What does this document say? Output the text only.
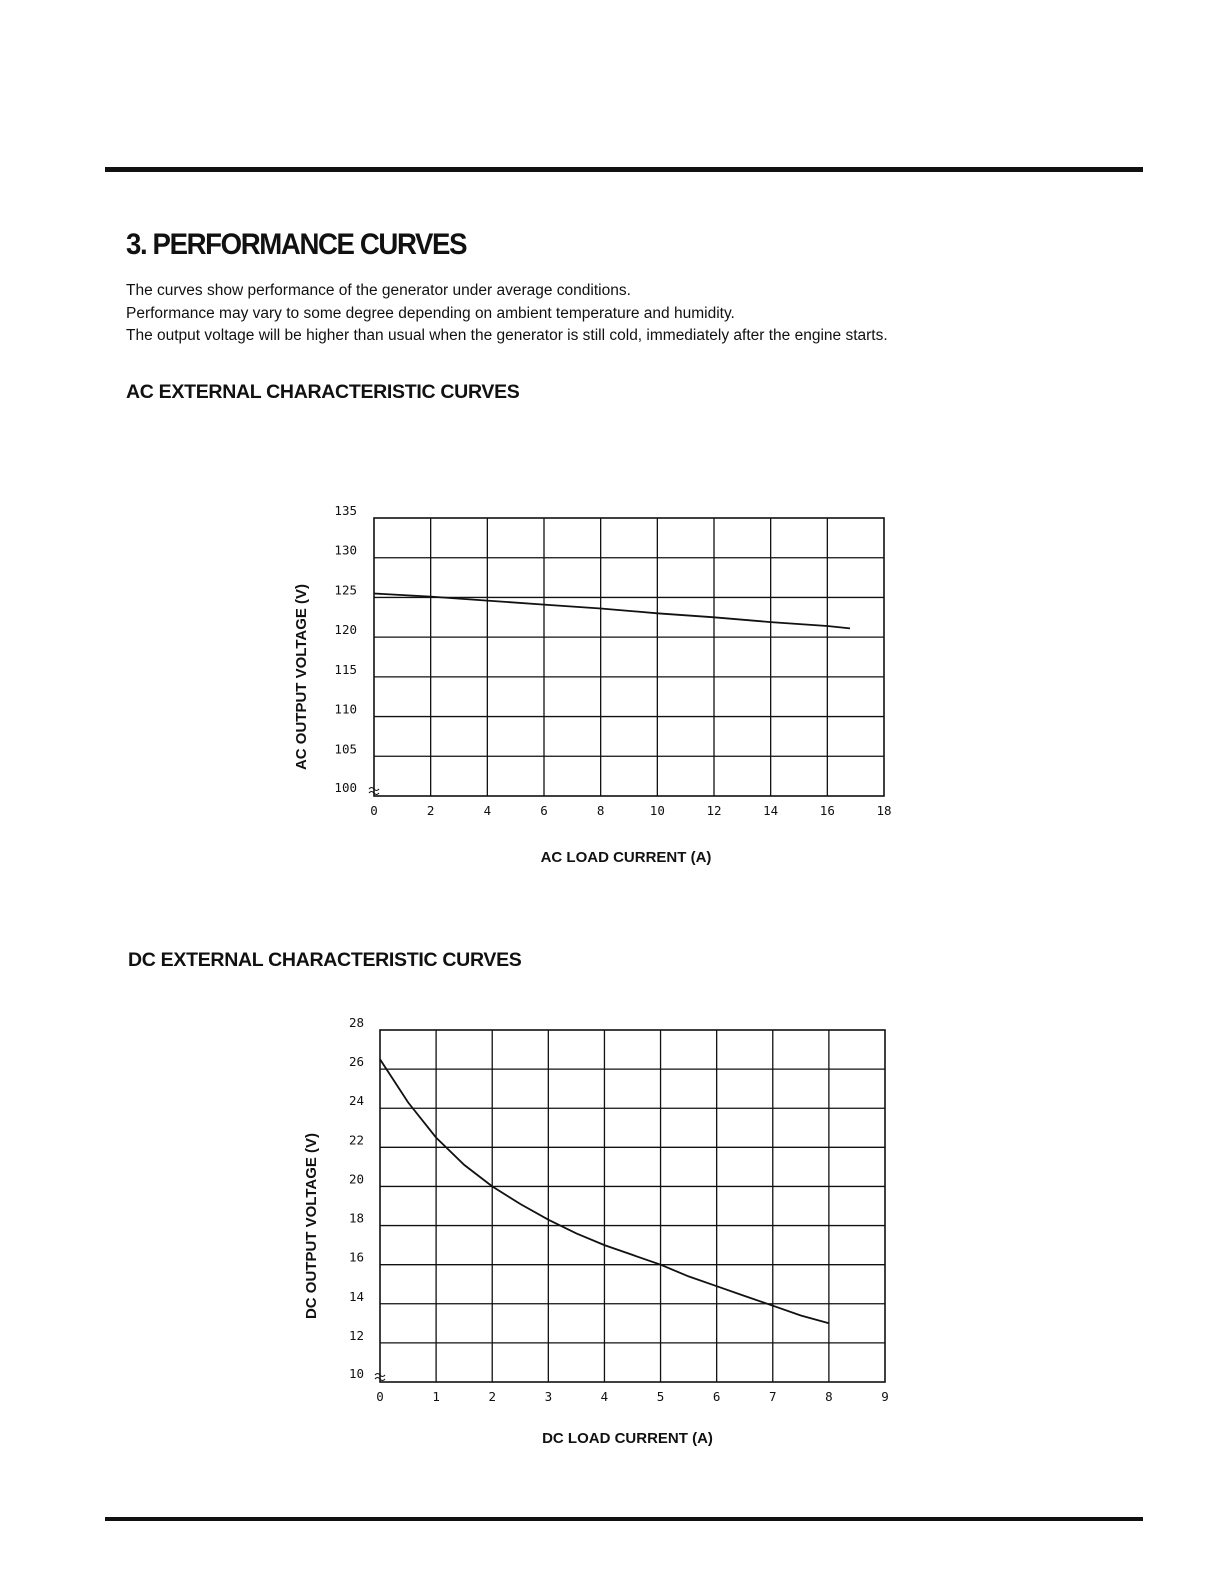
3. PERFORMANCE CURVES

The curves show performance of the generator under average conditions.

Performance may vary to some degree depending on ambient temperature and humidity.

The output voltage will be higher than usual when the generator is still cold, immediately after the engine starts.

AC EXTERNAL CHARACTERISTIC CURVES
0	2	4	6	8	10	12	14	16	18
105
110
115
120
125
130
135
100
AC LOAD CURRENT (A)
AC OUTPUT VOLTAGE (V)
DC EXTERNAL CHARACTERISTIC CURVES
0	1	2	3	4	5	6	7	8	9
12
14
16
18
20
22
24
26
28
10
DC LOAD CURRENT (A)
DC OUTPUT VOLTAGE (V)
